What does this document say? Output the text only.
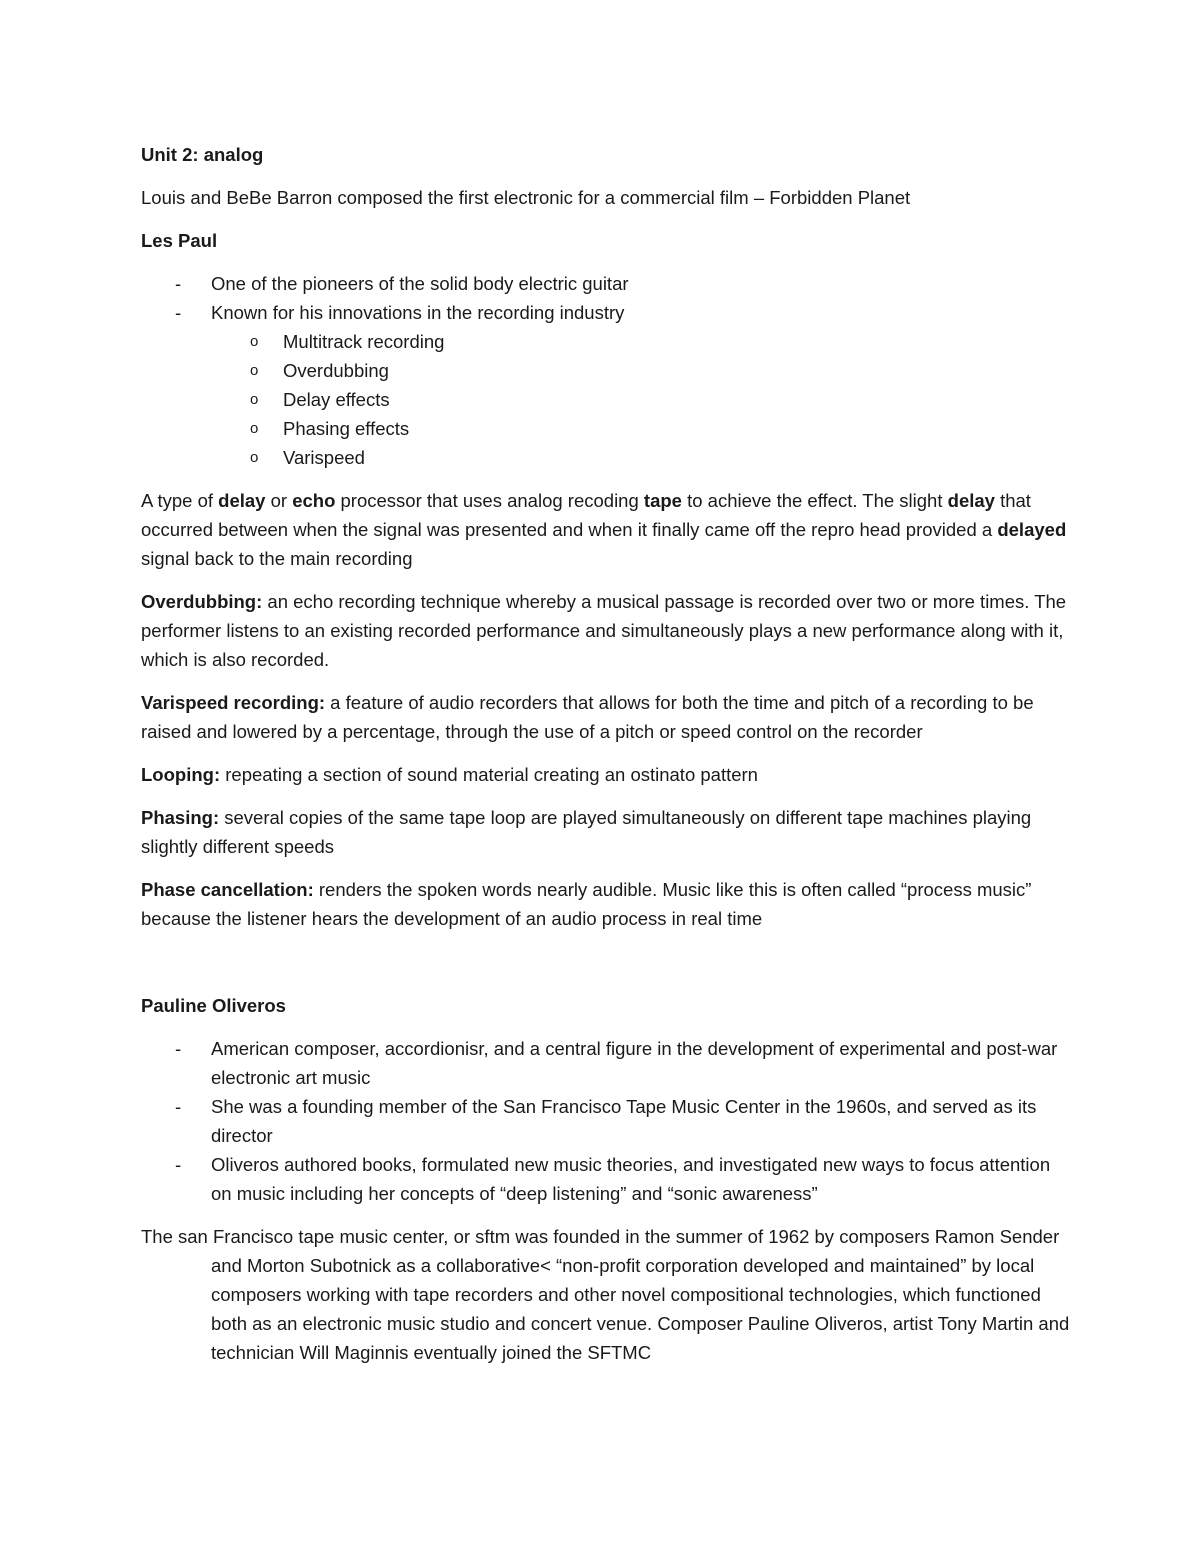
Unit 2: analog

Louis and BeBe Barron composed the first electronic for a commercial film – Forbidden Planet

Les Paul

- One of the pioneers of the solid body electric guitar
- Known for his innovations in the recording industry
o Multitrack recording
o Overdubbing
o Delay effects
o Phasing effects
o Varispeed

A type of delay or echo processor that uses analog recoding tape to achieve the effect. The slight delay that occurred between when the signal was presented and when it finally came off the repro head provided a delayed signal back to the main recording

Overdubbing: an echo recording technique whereby a musical passage is recorded over two or more times. The performer listens to an existing recorded performance and simultaneously plays a new performance along with it, which is also recorded.

Varispeed recording: a feature of audio recorders that allows for both the time and pitch of a recording to be raised and lowered by a percentage, through the use of a pitch or speed control on the recorder

Looping: repeating a section of sound material creating an ostinato pattern

Phasing: several copies of the same tape loop are played simultaneously on different tape machines playing slightly different speeds

Phase cancellation: renders the spoken words nearly audible. Music like this is often called “process music” because the listener hears the development of an audio process in real time

Pauline Oliveros

- American composer, accordionisr, and a central figure in the development of experimental and post-war electronic art music
- She was a founding member of the San Francisco Tape Music Center in the 1960s, and served as its director
- Oliveros authored books, formulated new music theories, and investigated new ways to focus attention on music including her concepts of “deep listening” and “sonic awareness”

The san Francisco tape music center, or sftm was founded in the summer of 1962 by composers Ramon Sender and Morton Subotnick as a collaborative< “non-profit corporation developed and maintained” by local composers working with tape recorders and other novel compositional technologies, which functioned both as an electronic music studio and concert venue. Composer Pauline Oliveros, artist Tony Martin and technician Will Maginnis eventually joined the SFTMC
